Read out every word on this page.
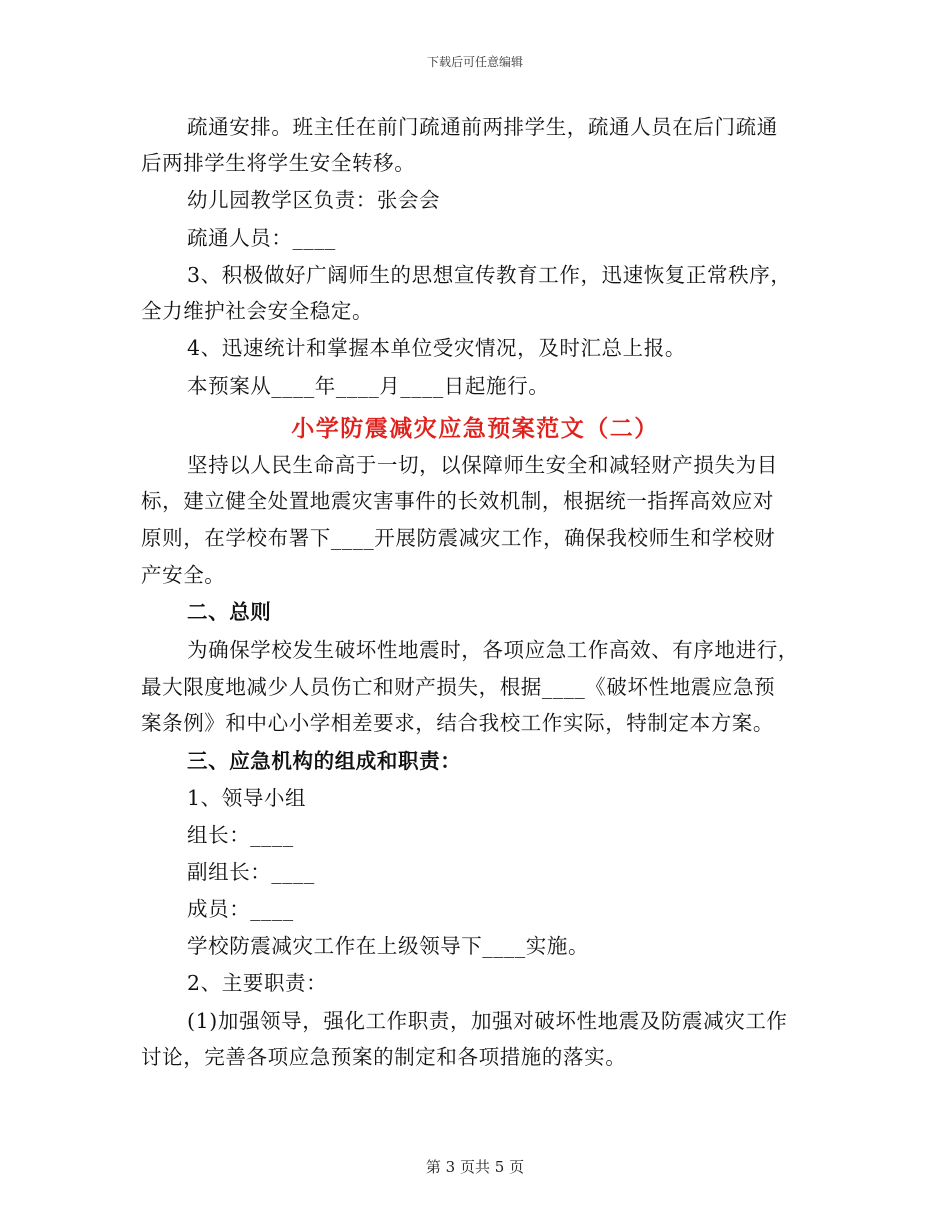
下载后可任意编辑
疏通安排。班主任在前门疏通前两排学生，疏通人员在后门疏通
后两排学生将学生安全转移。
幼儿园教学区负责：张会会
疏通人员：____
3、积极做好广阔师生的思想宣传教育工作，迅速恢复正常秩序，
全力维护社会安全稳定。
4、迅速统计和掌握本单位受灾情况，及时汇总上报。
本预案从____年____月____日起施行。
小学防震减灾应急预案范文（二）
坚持以人民生命高于一切，以保障师生安全和减轻财产损失为目
标，建立健全处置地震灾害事件的长效机制，根据统一指挥高效应对
原则，在学校布署下____开展防震减灾工作，确保我校师生和学校财
产安全。
二、总则
为确保学校发生破坏性地震时，各项应急工作高效、有序地进行，
最大限度地减少人员伤亡和财产损失，根据____《破坏性地震应急预
案条例》和中心小学相差要求，结合我校工作实际，特制定本方案。
三、应急机构的组成和职责：
1、领导小组
组长：____
副组长：____
成员：____
学校防震减灾工作在上级领导下____实施。
2、主要职责：
(1)加强领导，强化工作职责，加强对破坏性地震及防震减灾工作
讨论，完善各项应急预案的制定和各项措施的落实。
第 3 页共 5 页
